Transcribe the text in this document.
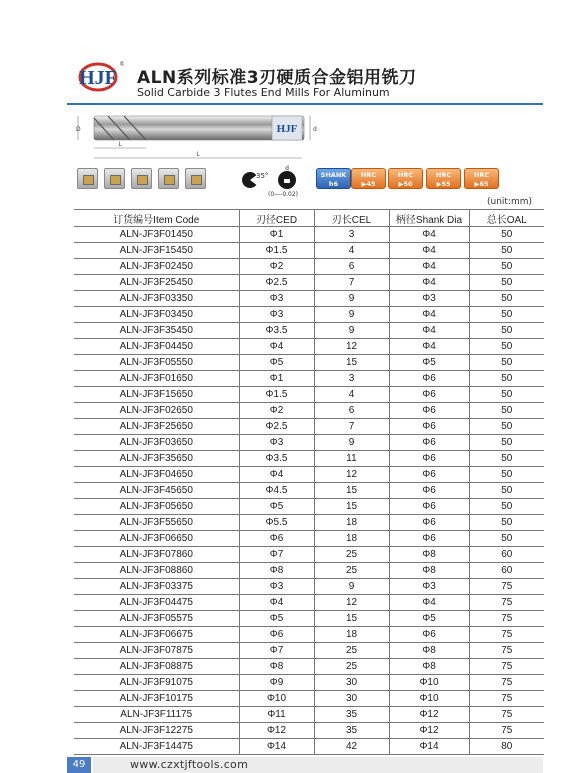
HJF
®
ALN系列标准3刃硬质合金铝用铣刀
Solid Carbide 3 Flutes End Mills For Aluminum
HJF
D	d
L
L
35°
d
(0—-0.02)
SHANK
h6
HRC
▶45
HRC
▶50
HRC
▶55
HRC
▶65
(unit:mm)
订货编号Item Code	刃径CED	刃长CEL	柄径Shank Dia	总长OAL
ALN-JF3F01450	Φ1	3	Φ4	50
ALN-JF3F15450	Φ1.5	4	Φ4	50
ALN-JF3F02450	Φ2	6	Φ4	50
ALN-JF3F25450	Φ2.5	7	Φ4	50
ALN-JF3F03350	Φ3	9	Φ3	50
ALN-JF3F03450	Φ3	9	Φ4	50
ALN-JF3F35450	Φ3.5	9	Φ4	50
ALN-JF3F04450	Φ4	12	Φ4	50
ALN-JF3F05550	Φ5	15	Φ5	50
ALN-JF3F01650	Φ1	3	Φ6	50
ALN-JF3F15650	Φ1.5	4	Φ6	50
ALN-JF3F02650	Φ2	6	Φ6	50
ALN-JF3F25650	Φ2.5	7	Φ6	50
ALN-JF3F03650	Φ3	9	Φ6	50
ALN-JF3F35650	Φ3.5	11	Φ6	50
ALN-JF3F04650	Φ4	12	Φ6	50
ALN-JF3F45650	Φ4.5	15	Φ6	50
ALN-JF3F05650	Φ5	15	Φ6	50
ALN-JF3F55650	Φ5.5	18	Φ6	50
ALN-JF3F06650	Φ6	18	Φ6	50
ALN-JF3F07860	Φ7	25	Φ8	60
ALN-JF3F08860	Φ8	25	Φ8	60
ALN-JF3F03375	Φ3	9	Φ3	75
ALN-JF3F04475	Φ4	12	Φ4	75
ALN-JF3F05575	Φ5	15	Φ5	75
ALN-JF3F06675	Φ6	18	Φ6	75
ALN-JF3F07875	Φ7	25	Φ8	75
ALN-JF3F08875	Φ8	25	Φ8	75
ALN-JF3F91075	Φ9	30	Φ10	75
ALN-JF3F10175	Φ10	30	Φ10	75
ALN-JF3F11175	Φ11	35	Φ12	75
ALN-JF3F12275	Φ12	35	Φ12	75
ALN-JF3F14475	Φ14	42	Φ14	80
49	www.czxtjftools.com
